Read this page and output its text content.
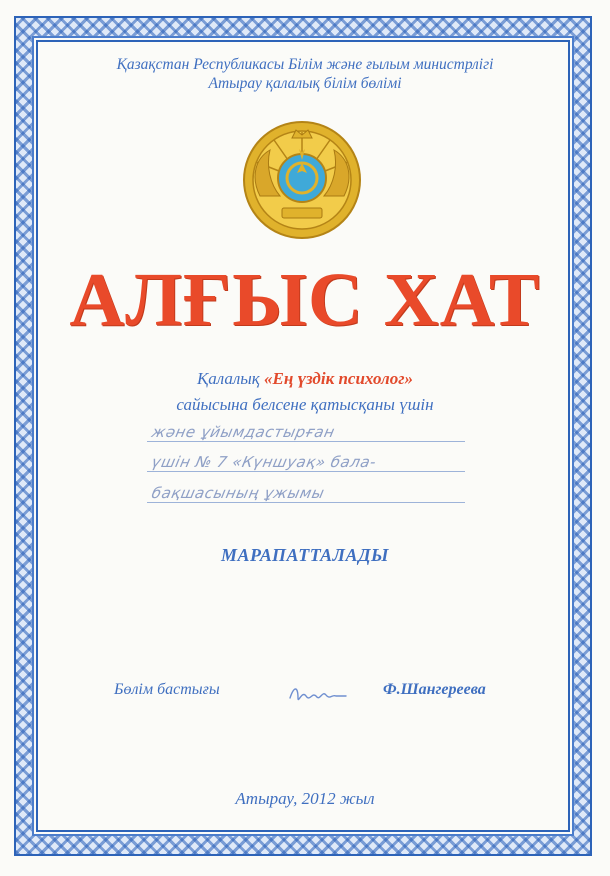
Қазақстан Республикасы Білім және ғылым министрлігі
Атырау қалалық білім бөлімі
АЛҒЫС ХАТ
Қалалық «Ең үздік психолог»
сайысына белсене қатысқаны үшін
және ұйымдастырған
үшін № 7 «Күншуақ» бала-
бақшасының ұжымы
МАРАПАТТАЛАДЫ
Бөлім бастығы	Ф.Шангереева
Атырау, 2012 жыл
